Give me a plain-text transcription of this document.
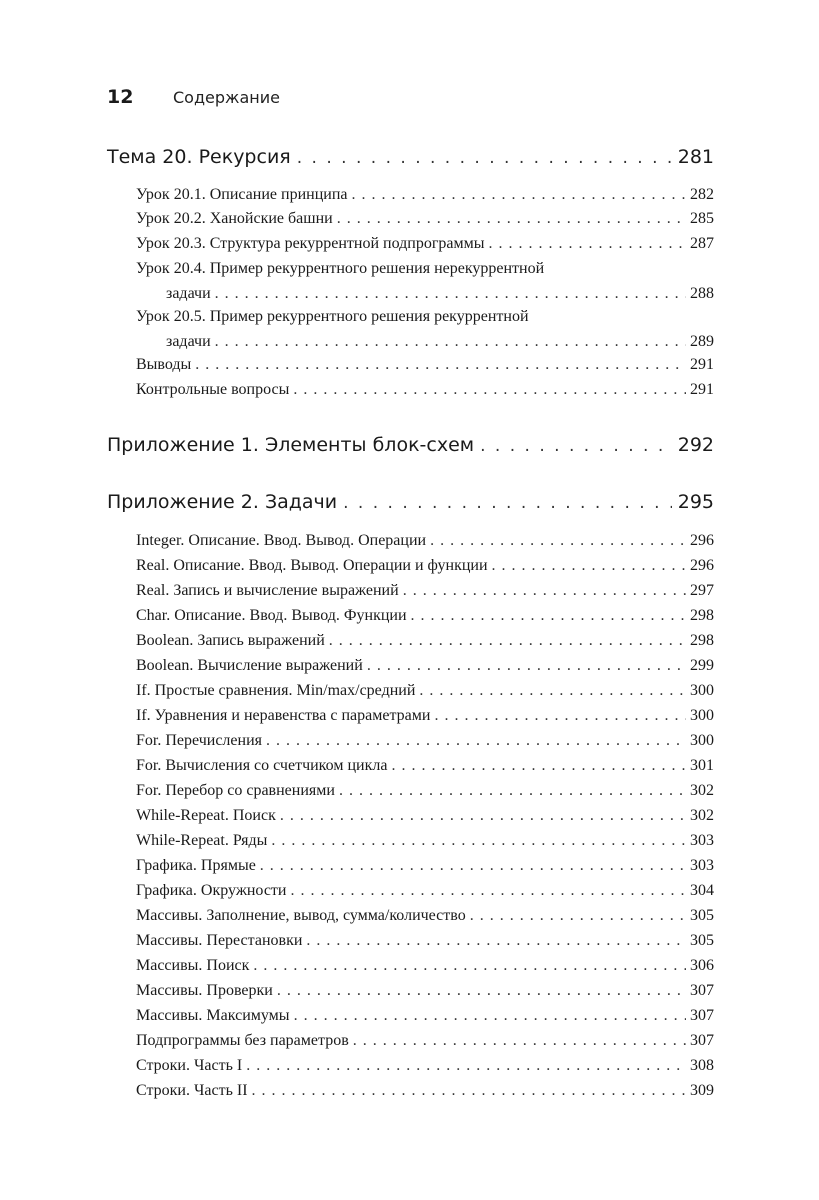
12	Содержание
Тема 20. Рекурсия . . .	281
Урок 20.1. Описание принципа . . .	282
Урок 20.2. Ханойские башни . . .	285
Урок 20.3. Структура рекуррентной подпрограммы . . .	287
Урок 20.4. Пример рекуррентного решения нерекуррентной
задачи . . .	288
Урок 20.5. Пример рекуррентного решения рекуррентной
задачи . . .	289
Выводы . . .	291
Контрольные вопросы . . .	291
Приложение 1. Элементы блок-схем . . .	292
Приложение 2. Задачи . . .	295
Integer. Описание. Ввод. Вывод. Операции . . .	296
Real. Описание. Ввод. Вывод. Операции и функции . . .	296
Real. Запись и вычисление выражений . . .	297
Char. Описание. Ввод. Вывод. Функции . . .	298
Boolean. Запись выражений . . .	298
Boolean. Вычисление выражений . . .	299
If. Простые сравнения. Min/max/средний . . .	300
If. Уравнения и неравенства с параметрами . . .	300
For. Перечисления . . .	300
For. Вычисления со счетчиком цикла . . .	301
For. Перебор со сравнениями . . .	302
While-Repeat. Поиск . . .	302
While-Repeat. Ряды . . .	303
Графика. Прямые . . .	303
Графика. Окружности . . .	304
Массивы. Заполнение, вывод, сумма/количество . . .	305
Массивы. Перестановки . . .	305
Массивы. Поиск . . .	306
Массивы. Проверки . . .	307
Массивы. Максимумы . . .	307
Подпрограммы без параметров . . .	307
Строки. Часть I . . .	308
Строки. Часть II . . .	309
